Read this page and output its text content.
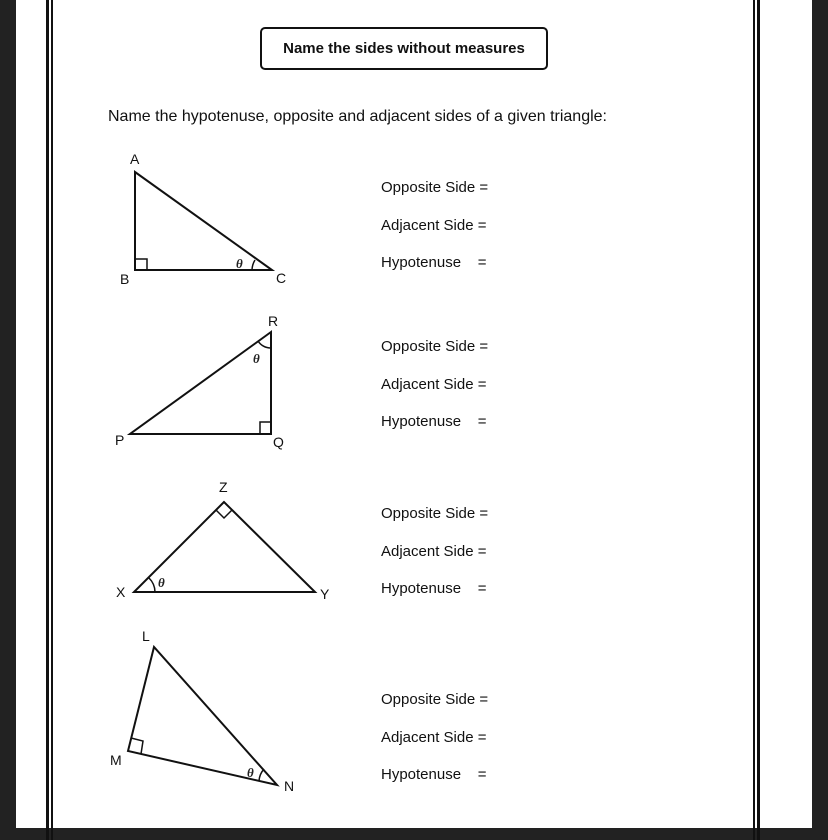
Name the sides without measures
Name the hypotenuse, opposite and adjacent sides of a given triangle:
A
B	C
θ
R
P	Q
θ
Z
X	Y
θ
L
M
N
θ
Opposite Side =
Adjacent Side =
Hypotenuse    =
Opposite Side =
Adjacent Side =
Hypotenuse    =
Opposite Side =
Adjacent Side =
Hypotenuse    =
Opposite Side =
Adjacent Side =
Hypotenuse    =
